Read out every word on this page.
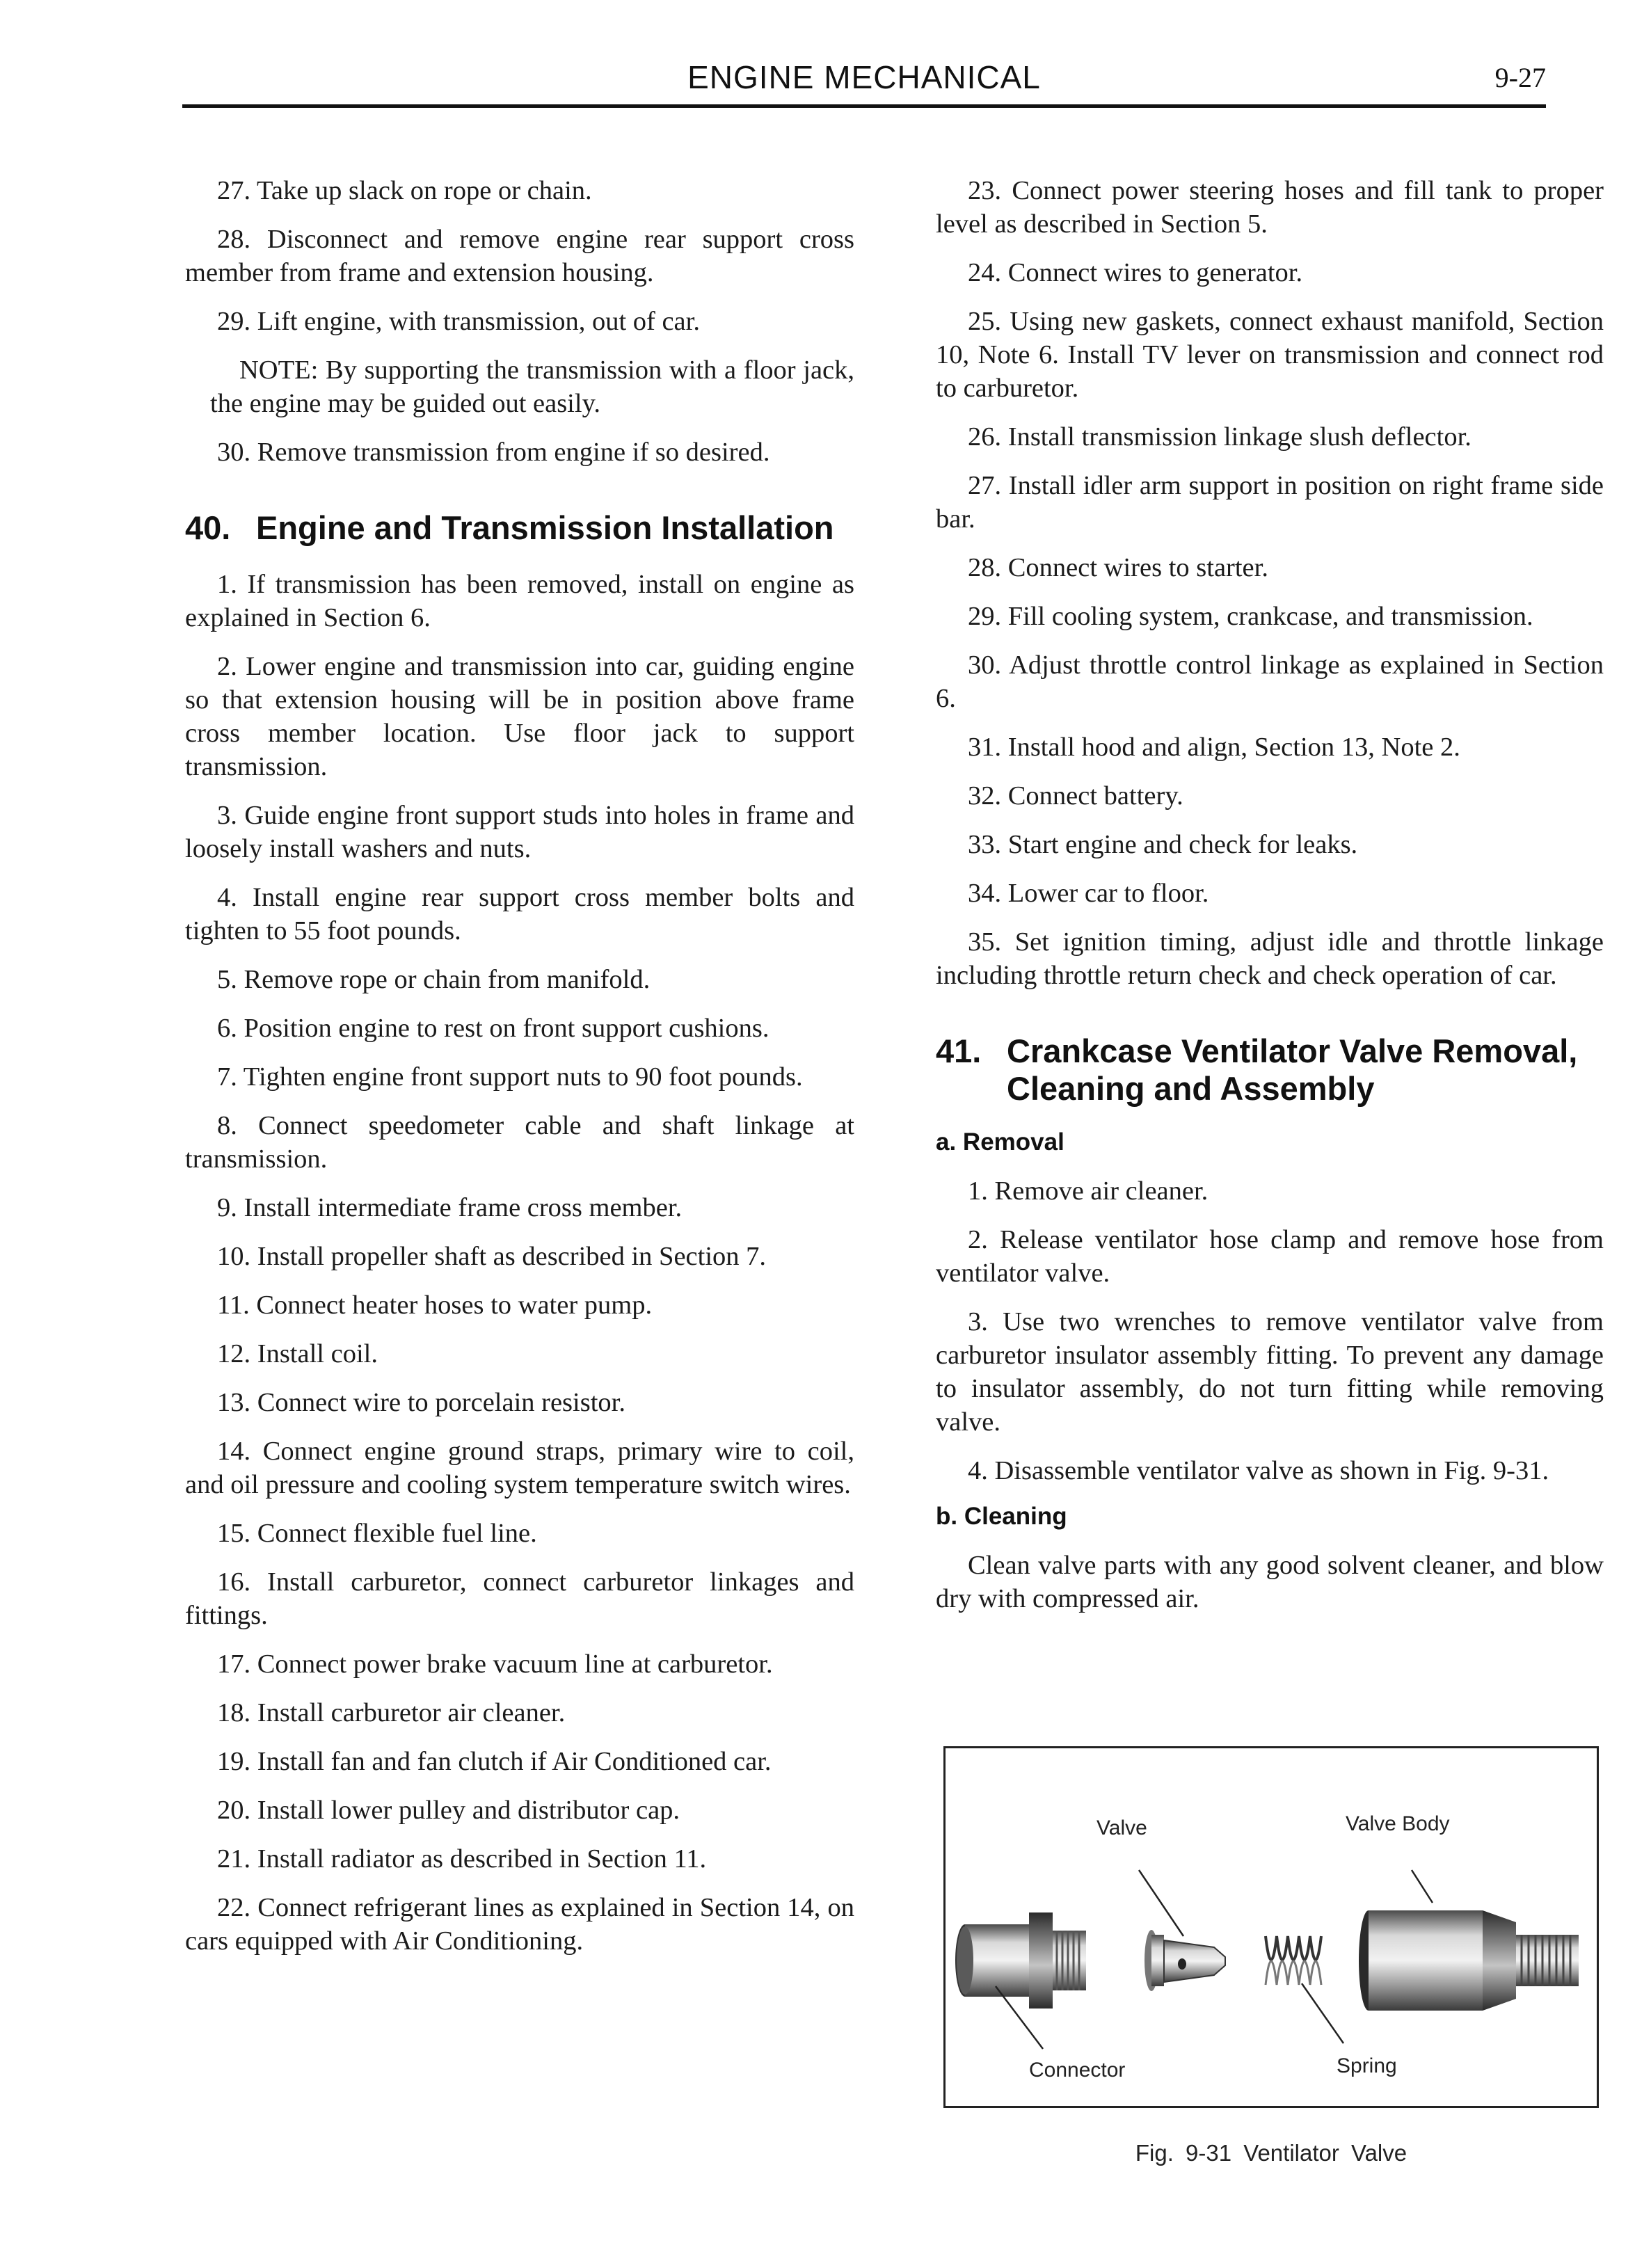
ENGINE MECHANICAL	9-27

27. Take up slack on rope or chain.

28. Disconnect and remove engine rear support cross member from frame and extension housing.

29. Lift engine, with transmission, out of car.

NOTE: By supporting the transmission with a floor jack, the engine may be guided out easily.

30. Remove transmission from engine if so desired.

40. Engine and Transmission Installation

1. If transmission has been removed, install on engine as explained in Section 6.

2. Lower engine and transmission into car, guiding engine so that extension housing will be in position above frame cross member location. Use floor jack to support transmission.

3. Guide engine front support studs into holes in frame and loosely install washers and nuts.

4. Install engine rear support cross member bolts and tighten to 55 foot pounds.

5. Remove rope or chain from manifold.

6. Position engine to rest on front support cushions.

7. Tighten engine front support nuts to 90 foot pounds.

8. Connect speedometer cable and shaft linkage at transmission.

9. Install intermediate frame cross member.

10. Install propeller shaft as described in Section 7.

11. Connect heater hoses to water pump.

12. Install coil.

13. Connect wire to porcelain resistor.

14. Connect engine ground straps, primary wire to coil, and oil pressure and cooling system temperature switch wires.

15. Connect flexible fuel line.

16. Install carburetor, connect carburetor linkages and fittings.

17. Connect power brake vacuum line at carburetor.

18. Install carburetor air cleaner.

19. Install fan and fan clutch if Air Conditioned car.

20. Install lower pulley and distributor cap.

21. Install radiator as described in Section 11.

22. Connect refrigerant lines as explained in Section 14, on cars equipped with Air Conditioning.

23. Connect power steering hoses and fill tank to proper level as described in Section 5.

24. Connect wires to generator.

25. Using new gaskets, connect exhaust manifold, Section 10, Note 6. Install TV lever on transmission and connect rod to carburetor.

26. Install transmission linkage slush deflector.

27. Install idler arm support in position on right frame side bar.

28. Connect wires to starter.

29. Fill cooling system, crankcase, and transmission.

30. Adjust throttle control linkage as explained in Section 6.

31. Install hood and align, Section 13, Note 2.

32. Connect battery.

33. Start engine and check for leaks.

34. Lower car to floor.

35. Set ignition timing, adjust idle and throttle linkage including throttle return check and check operation of car.

41. Crankcase Ventilator Valve Removal, Cleaning and Assembly
a. Removal

1. Remove air cleaner.

2. Release ventilator hose clamp and remove hose from ventilator valve.

3. Use two wrenches to remove ventilator valve from carburetor insulator assembly fitting. To prevent any damage to insulator assembly, do not turn fitting while removing valve.

4. Disassemble ventilator valve as shown in Fig. 9-31.

b. Cleaning

Clean valve parts with any good solvent cleaner, and blow dry with compressed air.

Valve	Valve Body
Connector	Spring
Fig. 9-31 Ventilator Valve
